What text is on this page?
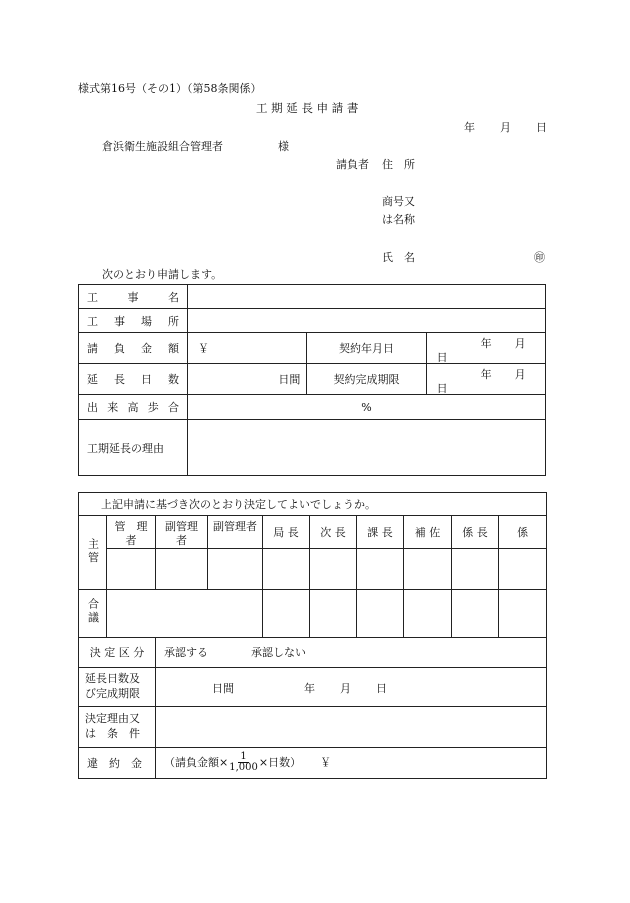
様式第16号（その1）（第58条関係）
工 期 延 長 申 請 書
年 月 日
倉浜衛生施設組合管理者	様
請負者 住　所
商号又
は名称
氏　名	㊞
次のとおり申請します。
工　事　名			
工 事 場 所			
請 負 金 額	￥	契約年月日	年 月
日

延 長 日 数	日間	契約完成期限	年 月
日

出 来 高 歩 合	%		
工期延長の理由			
上記申請に基づき次のとおり決定してよいでしょうか。									
主管	管　理者	副管理者	副管理者	局 長	次 長	課 長	補 佐	係 長	係

合議									
決 定 区 分		承認する 承認しない							
延長日数及び完成期限		日間 年 月 日							

決定理由又は　条　件									
違　約　金		（請負金額× $\frac{1}{1,000}$ ×日数） ￥							
